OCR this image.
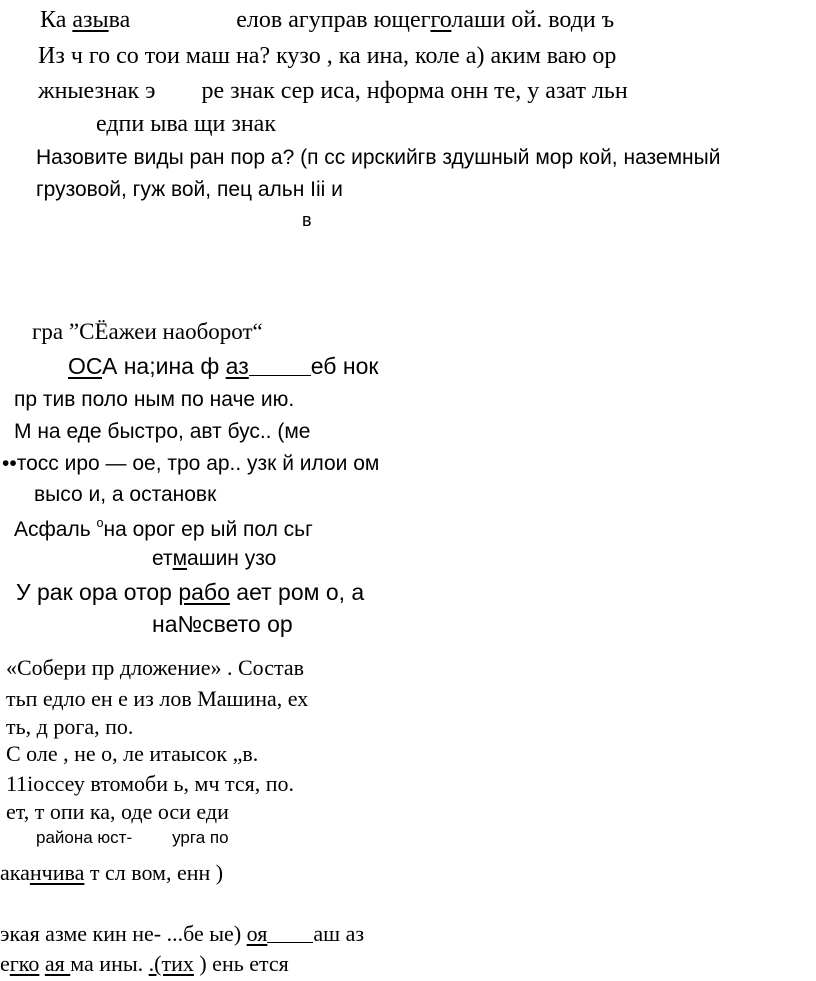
Ка азыва	елов агуправ ющегголаши ой. води ъ
Из ч го со тои маш на? кузо , ка ина, коле а) аким ваю ор
жныезнак э ре знак сер иса, нформа онн те, у азат льн
едпи ыва щи знак
Назовите виды ран пор а? (п сс ирскийгв здушный мор кой, наземный
грузовой, гуж вой, пец альн Iii и
в
гра ”СЁажеи наоборот“
ОСА на;ина ф аз	еб нок
пр тив поло ным по наче ию.
М на еде быстро, авт бус.. (ме
••тосс иро — ое, тро ар.. узк й илои ом
высо и, а остановк
Асфаль $^о$на орог ер ый пол сьг
етмашин узо
У рак ора отор рабо ает ром о, а
на№свето ор
«Собери пр дложение» . Состав
тьп едло ен е из лов Машина, ех
ть, д рога, по.
С оле , не о, ле итаысок „в.
11іоссеу втомоби ь, мч тся, по.
ет, т опи ка, оде оси еди
района юст- урга по
аканчива т сл вом, енн )
экая азме кин не- ...бе ые) оя аш аз
егко ая ма ины. .(тих ) ень ется
